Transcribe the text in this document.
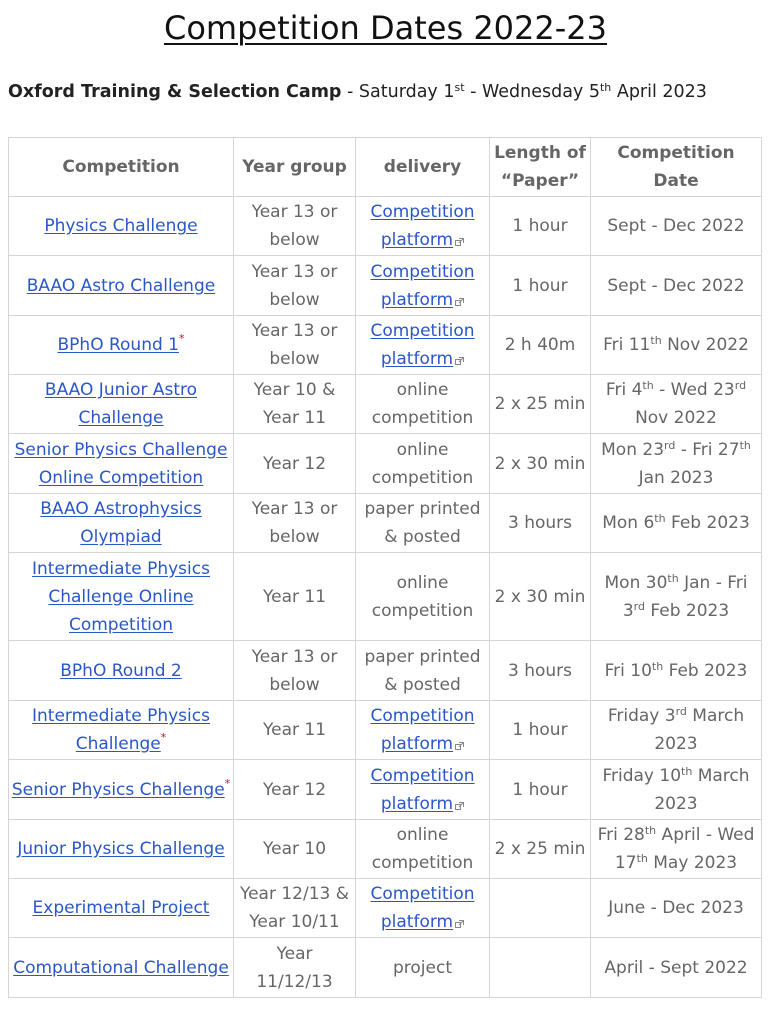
Competition Dates 2022-23
Oxford Training & Selection Camp - Saturday 1st - Wednesday 5th April 2023
Competition	Year group	delivery	Length of “Paper”	Competition Date
Physics Challenge	Year 13 or below	Competition platform	1 hour	Sept - Dec 2022
BAAO Astro Challenge	Year 13 or below	Competition platform	1 hour	Sept - Dec 2022
BPhO Round 1*	Year 13 or below	Competition platform	2 h 40m	Fri 11th Nov 2022
BAAO Junior Astro Challenge	Year 10 & Year 11	online competition	2 x 25 min	Fri 4th - Wed 23rd Nov 2022
Senior Physics Challenge Online Competition	Year 12	online competition	2 x 30 min	Mon 23rd - Fri 27th Jan 2023
BAAO Astrophysics Olympiad	Year 13 or below	paper printed & posted	3 hours	Mon 6th Feb 2023
Intermediate Physics Challenge Online Competition	Year 11	online competition	2 x 30 min	Mon 30th Jan - Fri 3rd Feb 2023
BPhO Round 2	Year 13 or below	paper printed & posted	3 hours	Fri 10th Feb 2023
Intermediate Physics Challenge*	Year 11	Competition platform	1 hour	Friday 3rd March 2023
Senior Physics Challenge*	Year 12	Competition platform	1 hour	Friday 10th March 2023
Junior Physics Challenge	Year 10	online competition	2 x 25 min	Fri 28th April - Wed 17th May 2023
Experimental Project	Year 12/13 & Year 10/11	Competition platform		June - Dec 2023
Computational Challenge	Year 11/12/13	project		April - Sept 2022
